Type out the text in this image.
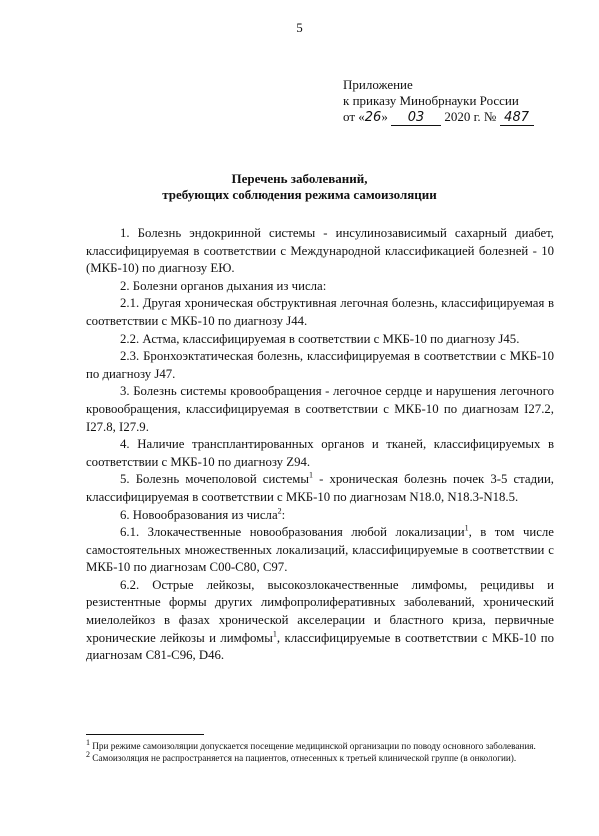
5
Приложение
к приказу Минобрнауки России
от «26» 03 2020 г. № 487
Перечень заболеваний,
требующих соблюдения режима самоизоляции

1. Болезнь эндокринной системы - инсулинозависимый сахарный диабет, классифицируемая в соответствии с Международной классификацией болезней - 10 (МКБ-10) по диагнозу ЕЮ.

2. Болезни органов дыхания из числа:

2.1. Другая хроническая обструктивная легочная болезнь, классифицируемая в соответствии с МКБ-10 по диагнозу J44.

2.2. Астма, классифицируемая в соответствии с МКБ-10 по диагнозу J45.

2.3. Бронхоэктатическая болезнь, классифицируемая в соответствии с МКБ-10 по диагнозу J47.

3. Болезнь системы кровообращения - легочное сердце и нарушения легочного кровообращения, классифицируемая в соответствии с МКБ-10 по диагнозам I27.2, I27.8, I27.9.

4. Наличие трансплантированных органов и тканей, классифицируемых в соответствии с МКБ-10 по диагнозу Z94.

5. Болезнь мочеполовой системы$^1$ - хроническая болезнь почек 3-5 стадии, классифицируемая в соответствии с МКБ-10 по диагнозам N18.0, N18.3-N18.5.

6. Новообразования из числа$^2$:

6.1. Злокачественные новообразования любой локализации$^1$, в том числе самостоятельных множественных локализаций, классифицируемые в соответствии с МКБ-10 по диагнозам С00-С80, С97.

6.2. Острые лейкозы, высокозлокачественные лимфомы, рецидивы и резистентные формы других лимфопролиферативных заболеваний, хронический миелолейкоз в фазах хронической акселерации и бластного криза, первичные хронические лейкозы и лимфомы$^1$, классифицируемые в соответствии с МКБ-10 по диагнозам С81-С96, D46.

$^1$ При режиме самоизоляции допускается посещение медицинской организации по поводу основного заболевания.

$^2$ Самоизоляция не распространяется на пациентов, отнесенных к третьей клинической группе (в онкологии).
